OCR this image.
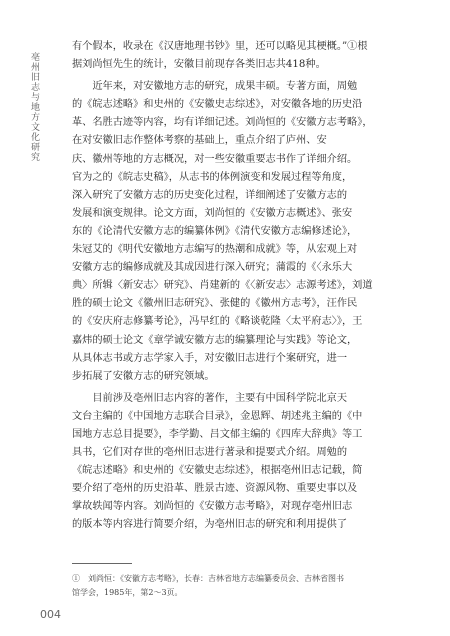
亳州旧志与地方文化研究
有个假本，收录在《汉唐地理书钞》里，还可以略见其梗概。”①根
据刘尚恒先生的统计，安徽目前现存各类旧志共418种。
　　近年来，对安徽地方志的研究，成果丰硕。专著方面，周勉
的《皖志述略》和史州的《安徽史志综述》，对安徽各地的历史沿
革、名胜古迹等内容，均有详细记述。刘尚恒的《安徽方志考略》，
在对安徽旧志作整体考察的基础上，重点介绍了庐州、安
庆、徽州等地的方志概况，对一些安徽重要志书作了详细介绍。
官为之的《皖志史稿》，从志书的体例演变和发展过程等角度，
深入研究了安徽方志的历史变化过程，详细阐述了安徽方志的
发展和演变规律。论文方面，刘尚恒的《安徽方志概述》、张安
东的《论清代安徽方志的编纂体例》《清代安徽方志编修述论》，
朱冠艾的《明代安徽地方志编写的热潮和成就》等，从宏观上对
安徽方志的编修成就及其成因进行深入研究；蒲霞的《〈永乐大
典〉所辑〈新安志〉研究》、肖建新的《〈新安志〉志源考述》，刘道
胜的硕士论文《徽州旧志研究》、张健的《徽州方志考》，汪作民
的《安庆府志修纂考论》，冯早红的《略谈乾隆〈太平府志〉》，王
嘉炜的硕士论文《章学诚安徽方志的编纂理论与实践》等论文，
从具体志书或方志学家入手，对安徽旧志进行个案研究，进一
步拓展了安徽方志的研究领域。
　　目前涉及亳州旧志内容的著作，主要有中国科学院北京天
文台主编的《中国地方志联合目录》，金恩辉、胡述兆主编的《中
国地方志总目提要》，李学勤、吕文郁主编的《四库大辞典》等工
具书，它们对存世的亳州旧志进行著录和提要式介绍。周勉的
《皖志述略》和史州的《安徽史志综述》，根据亳州旧志记载，简
要介绍了亳州的历史沿革、胜景古迹、资源风物、重要史事以及
掌故轶闻等内容。刘尚恒的《安徽方志考略》，对现存亳州旧志
的版本等内容进行简要介绍，为亳州旧志的研究和利用提供了
①　刘尚恒：《安徽方志考略》，长春：吉林省地方志编纂委员会、吉林省图书
馆学会，1985年，第2～3页。
004
